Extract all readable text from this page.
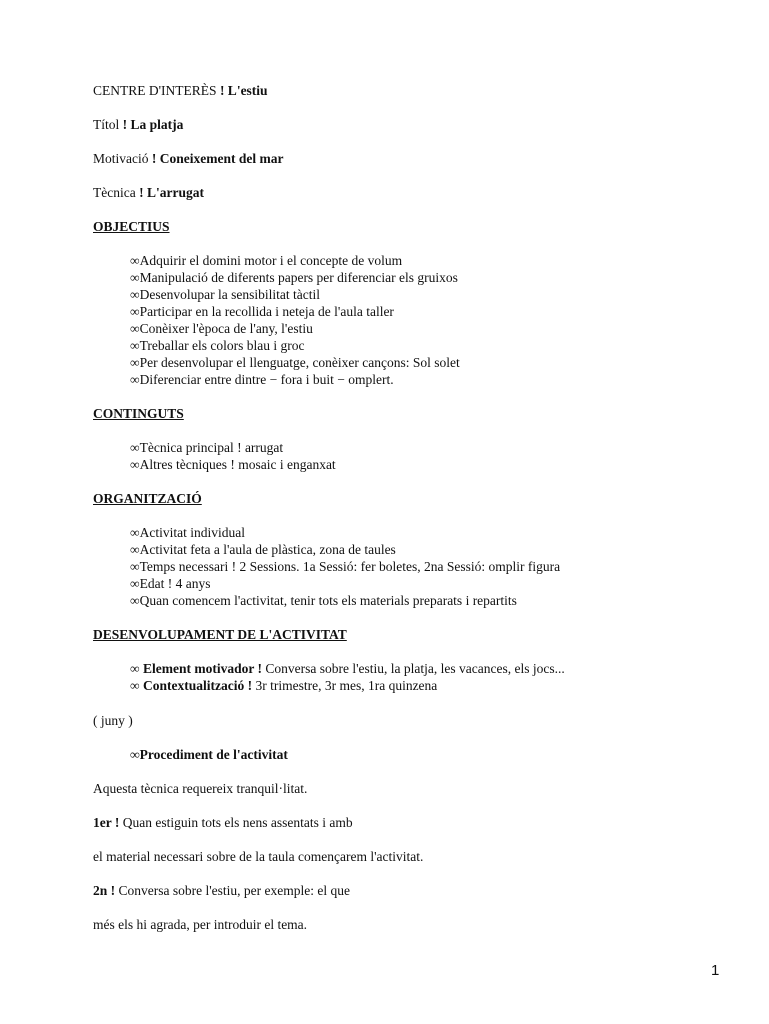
CENTRE D'INTERÈS ! L'estiu
Títol ! La platja
Motivació ! Coneixement del mar
Tècnica ! L'arrugat
OBJECTIUS
∞ Adquirir el domini motor i el concepte de volum
∞ Manipulació de diferents papers per diferenciar els gruixos
∞ Desenvolupar la sensibilitat tàctil
∞ Participar en la recollida i neteja de l'aula taller
∞ Conèixer l'època de l'any, l'estiu
∞ Treballar els colors blau i groc
∞ Per desenvolupar el llenguatge, conèixer cançons: Sol solet
∞ Diferenciar entre dintre − fora i buit − omplert.
CONTINGUTS
∞ Tècnica principal ! arrugat
∞ Altres tècniques ! mosaic i enganxat
ORGANITZACIÓ
∞ Activitat individual
∞ Activitat feta a l'aula de plàstica, zona de taules
∞ Temps necessari ! 2 Sessions. 1a Sessió: fer boletes, 2na Sessió: omplir figura
∞ Edat ! 4 anys
∞ Quan comencem l'activitat, tenir tots els materials preparats i repartits
DESENVOLUPAMENT DE L'ACTIVITAT
∞ Element motivador ! Conversa sobre l'estiu, la platja, les vacances, els jocs...
∞ Contextualització ! 3r trimestre, 3r mes, 1ra quinzena
( juny )
∞ Procediment de l'activitat
Aquesta tècnica requereix tranquil·litat.
1er ! Quan estiguin tots els nens assentats i amb
el material necessari sobre de la taula començarem l'activitat.
2n ! Conversa sobre l'estiu, per exemple: el que
més els hi agrada, per introduir el tema.
1
